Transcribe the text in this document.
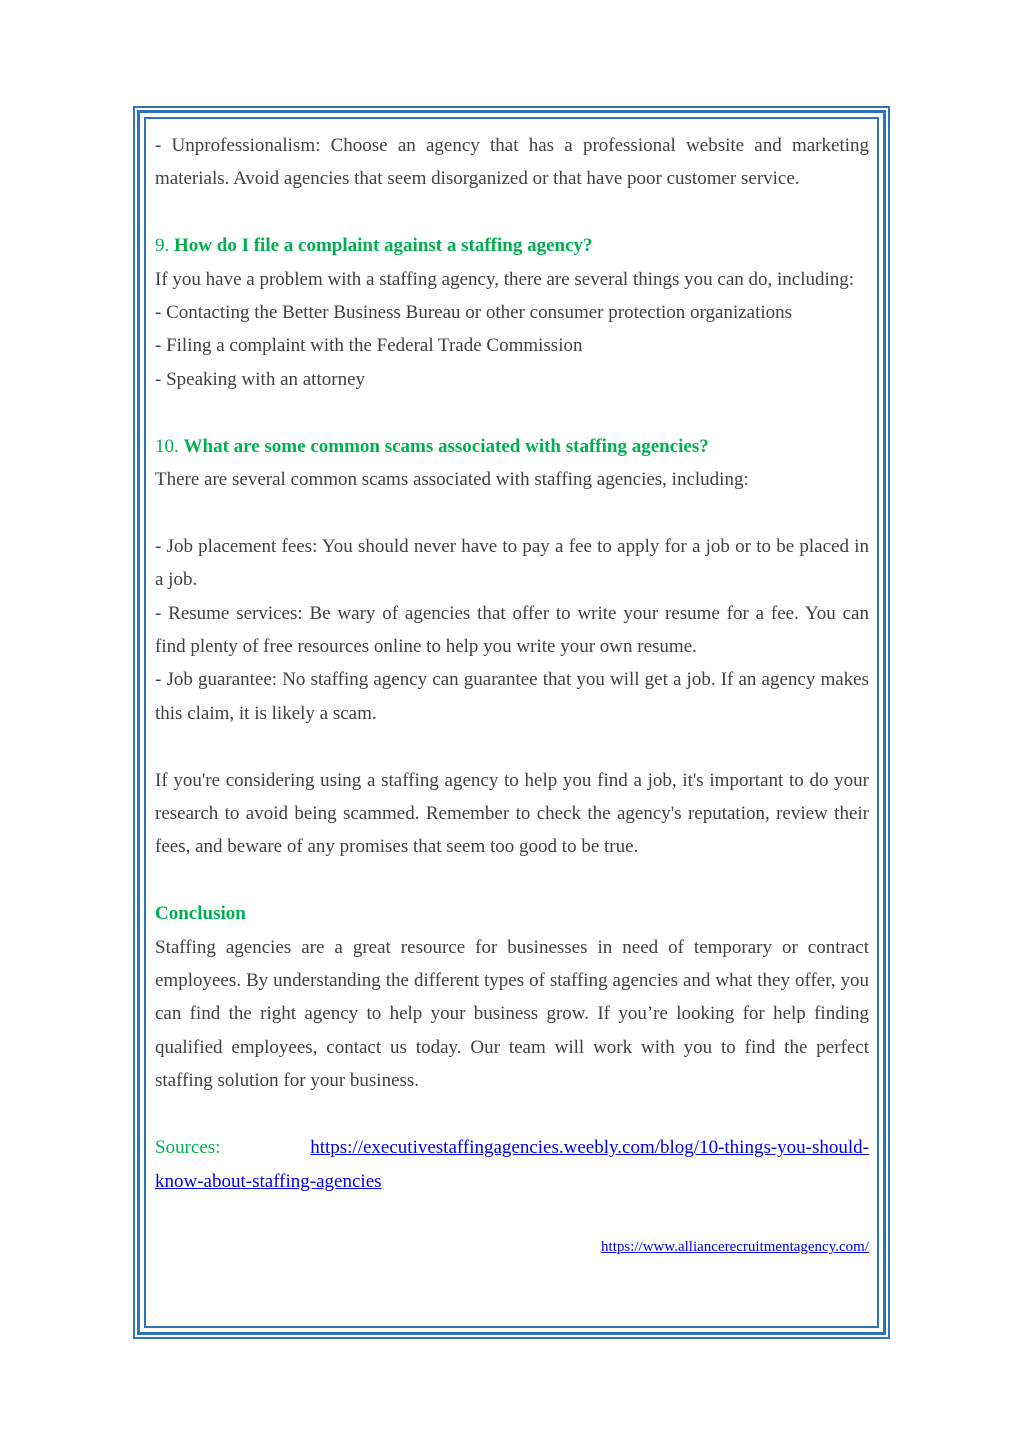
- Unprofessionalism: Choose an agency that has a professional website and marketing

materials. Avoid agencies that seem disorganized or that have poor customer service.

9. How do I file a complaint against a staffing agency?

If you have a problem with a staffing agency, there are several things you can do, including:

- Contacting the Better Business Bureau or other consumer protection organizations

- Filing a complaint with the Federal Trade Commission

- Speaking with an attorney

10. What are some common scams associated with staffing agencies?

There are several common scams associated with staffing agencies, including:

- Job placement fees: You should never have to pay a fee to apply for a job or to be placed in a job.

- Resume services: Be wary of agencies that offer to write your resume for a fee. You can find plenty of free resources online to help you write your own resume.

- Job guarantee: No staffing agency can guarantee that you will get a job. If an agency makes this claim, it is likely a scam.

If you're considering using a staffing agency to help you find a job, it's important to do your research to avoid being scammed. Remember to check the agency's reputation, review their fees, and beware of any promises that seem too good to be true.

Conclusion

Staffing agencies are a great resource for businesses in need of temporary or contract employees. By understanding the different types of staffing agencies and what they offer, you can find the right agency to help your business grow. If you’re looking for help finding qualified employees, contact us today. Our team will work with you to find the perfect staffing solution for your business.

Sources:	https://executivestaffingagencies.weebly.com/blog/10-things-you-should-

know-about-staffing-agencies

https://www.alliancerecruitmentagency.com/
